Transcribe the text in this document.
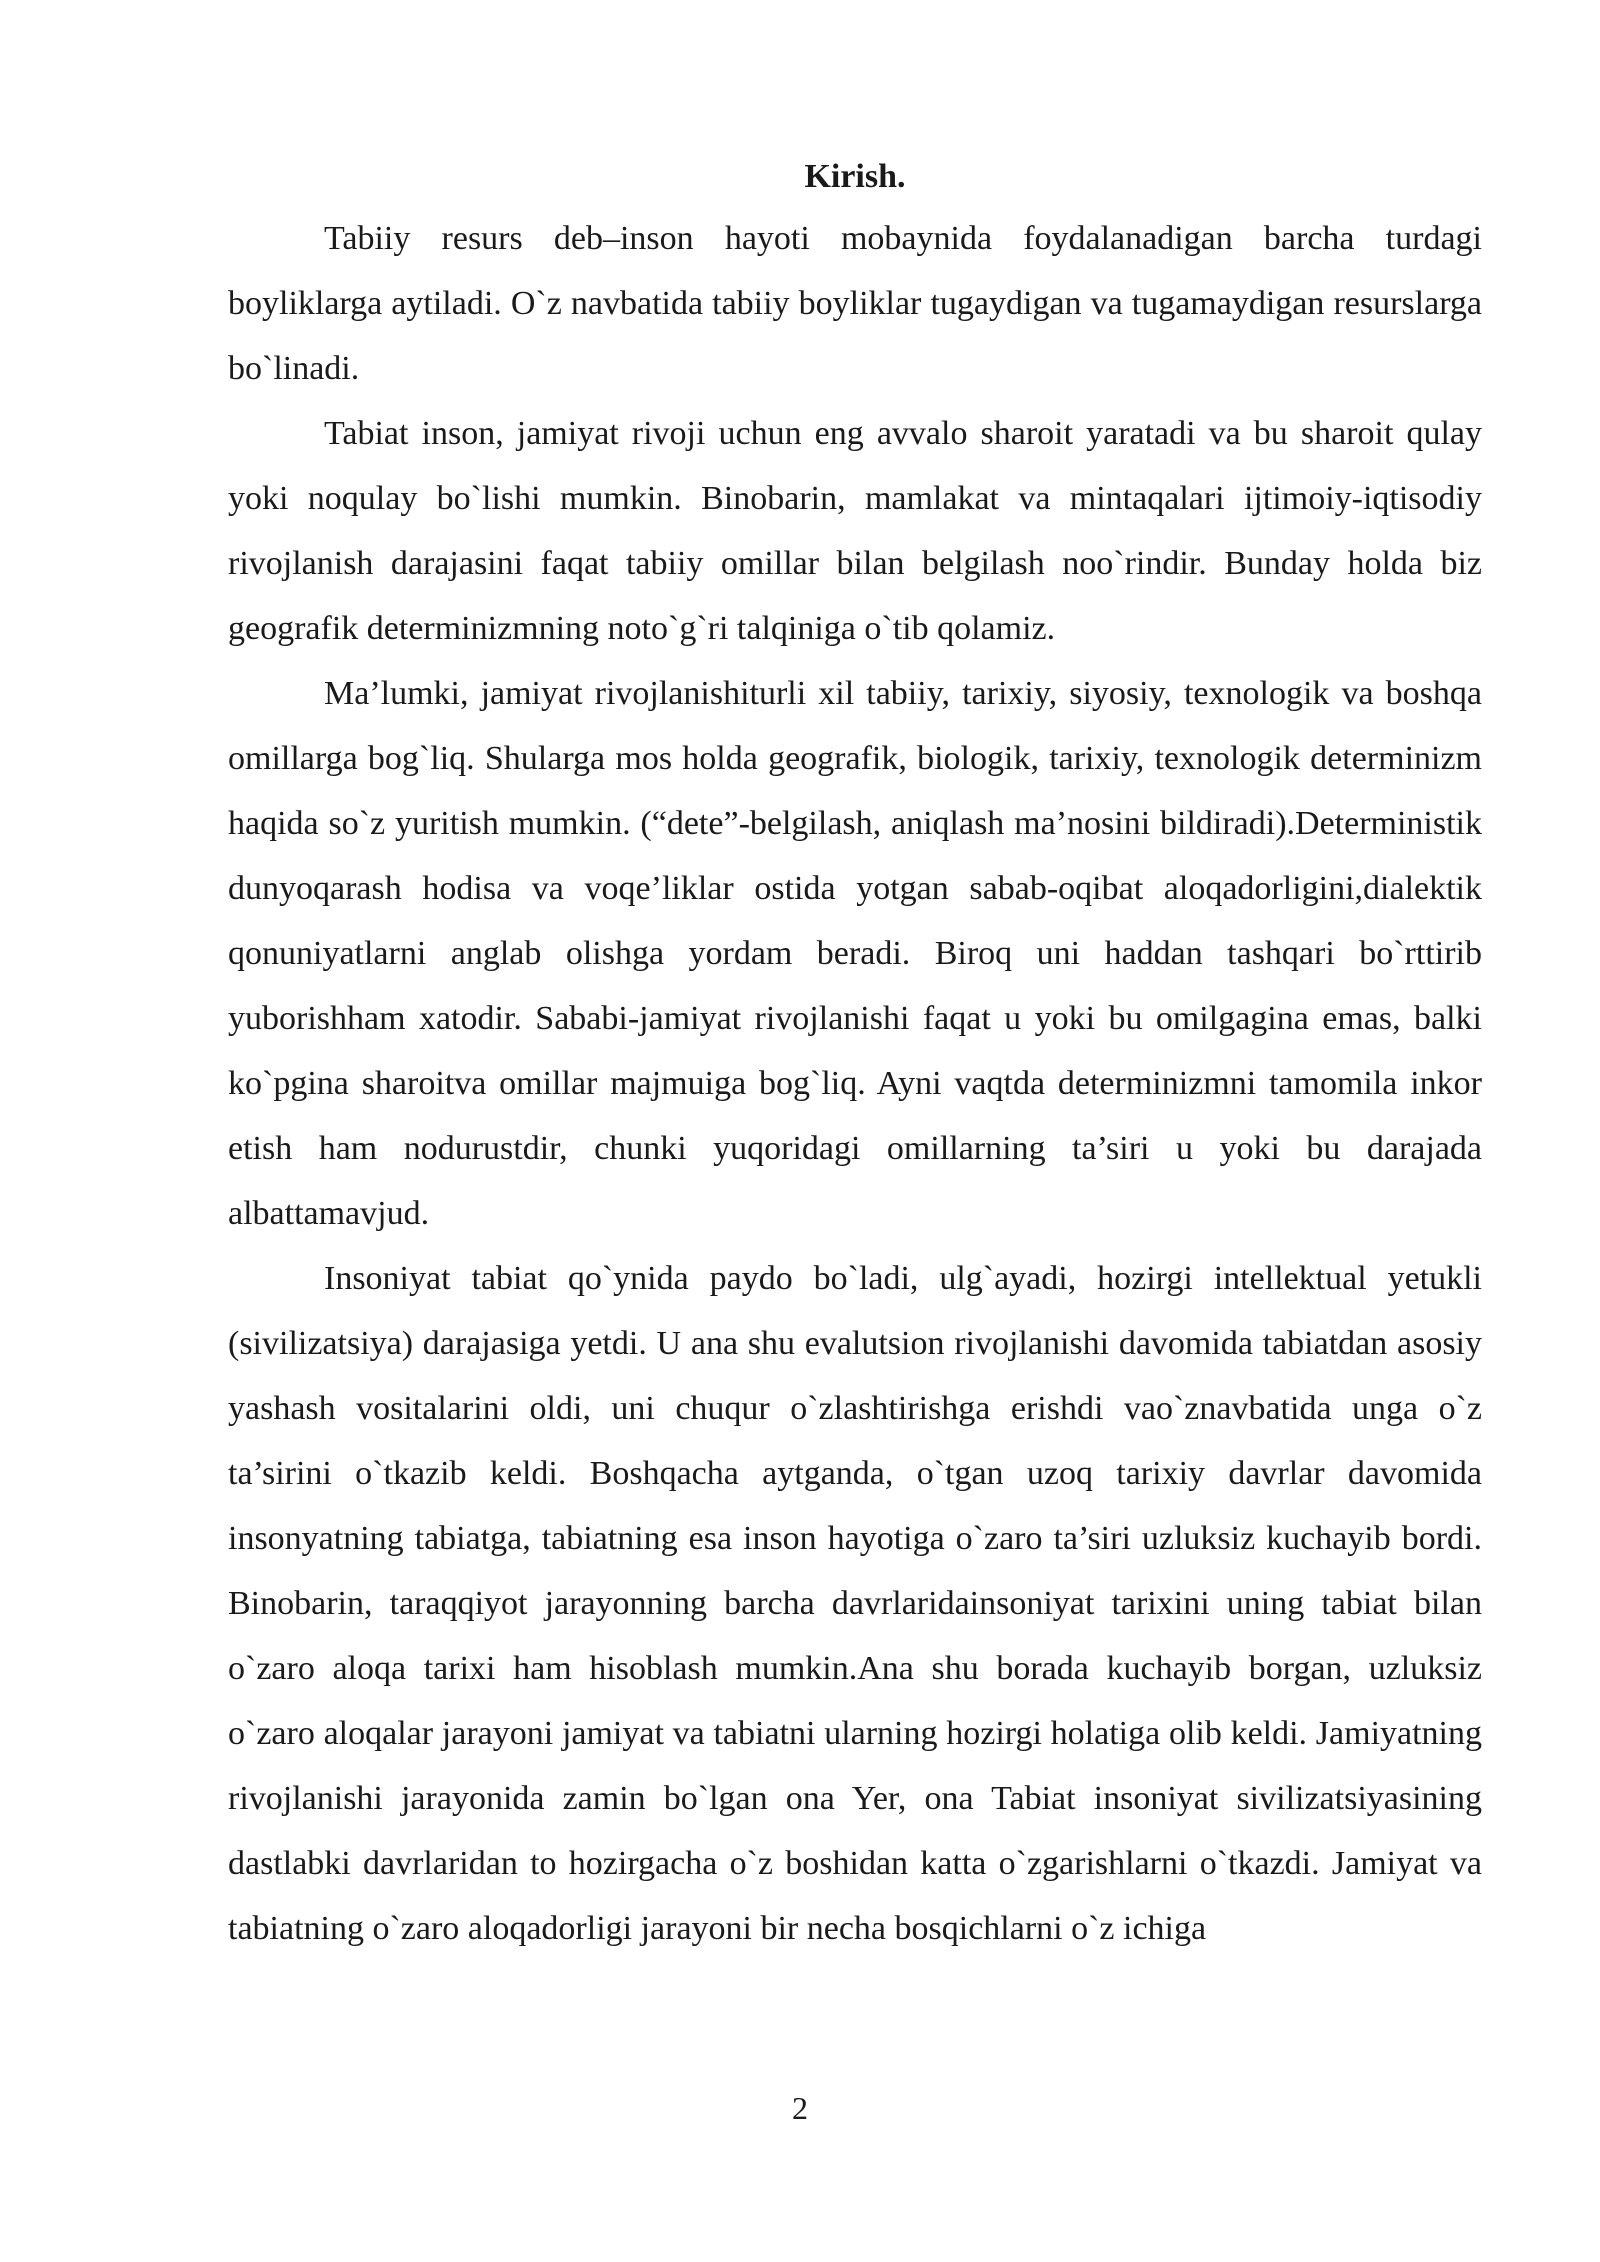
Kirish.

Tabiiy resurs deb–inson hayoti mobaynida foydalanadigan barcha turdagi boyliklarga aytiladi. O`z navbatida tabiiy boyliklar tugaydigan va tugamaydigan resurslarga bo`linadi.

Tabiat inson, jamiyat rivoji uchun eng avvalo sharoit yaratadi va bu sharoit qulay yoki noqulay bo`lishi mumkin. Binobarin, mamlakat va mintaqalari ijtimoiy-iqtisodiy rivojlanish darajasini faqat tabiiy omillar bilan belgilash noo`rindir. Bunday holda biz geografik determinizmning noto`g`ri talqiniga o`tib qolamiz.

Ma’lumki, jamiyat rivojlanishiturli xil tabiiy, tarixiy, siyosiy, texnologik va boshqa omillarga bog`liq. Shularga mos holda geografik, biologik, tarixiy, texnologik determinizm haqida so`z yuritish mumkin. (“dete”-belgilash, aniqlash ma’nosini bildiradi).Deterministik dunyoqarash hodisa va voqe’liklar ostida yotgan sabab-oqibat aloqadorligini,dialektik qonuniyatlarni anglab olishga yordam beradi. Biroq uni haddan tashqari bo`rttirib yuborishham xatodir. Sababi-jamiyat rivojlanishi faqat u yoki bu omilgagina emas, balki ko`pgina sharoitva omillar majmuiga bog`liq. Ayni vaqtda determinizmni tamomila inkor etish ham nodurustdir, chunki yuqoridagi omillarning ta’siri u yoki bu darajada albattamavjud.

Insoniyat tabiat qo`ynida paydo bo`ladi, ulg`ayadi, hozirgi intellektual yetukli (sivilizatsiya) darajasiga yetdi. U ana shu evalutsion rivojlanishi davomida tabiatdan asosiy yashash vositalarini oldi, uni chuqur o`zlashtirishga erishdi vao`znavbatida unga o`z ta’sirini o`tkazib keldi. Boshqacha aytganda, o`tgan uzoq tarixiy davrlar davomida insonyatning tabiatga, tabiatning esa inson hayotiga o`zaro ta’siri uzluksiz kuchayib bordi. Binobarin, taraqqiyot jarayonning barcha davrlaridainsoniyat tarixini uning tabiat bilan o`zaro aloqa tarixi ham hisoblash mumkin.Ana shu borada kuchayib borgan, uzluksiz o`zaro aloqalar jarayoni jamiyat va tabiatni ularning hozirgi holatiga olib keldi. Jamiyatning rivojlanishi jarayonida zamin bo`lgan ona Yer, ona Tabiat insoniyat sivilizatsiyasining dastlabki davrlaridan to hozirgacha o`z boshidan katta o`zgarishlarni o`tkazdi. Jamiyat va tabiatning o`zaro aloqadorligi jarayoni bir necha bosqichlarni o`z ichiga

2
